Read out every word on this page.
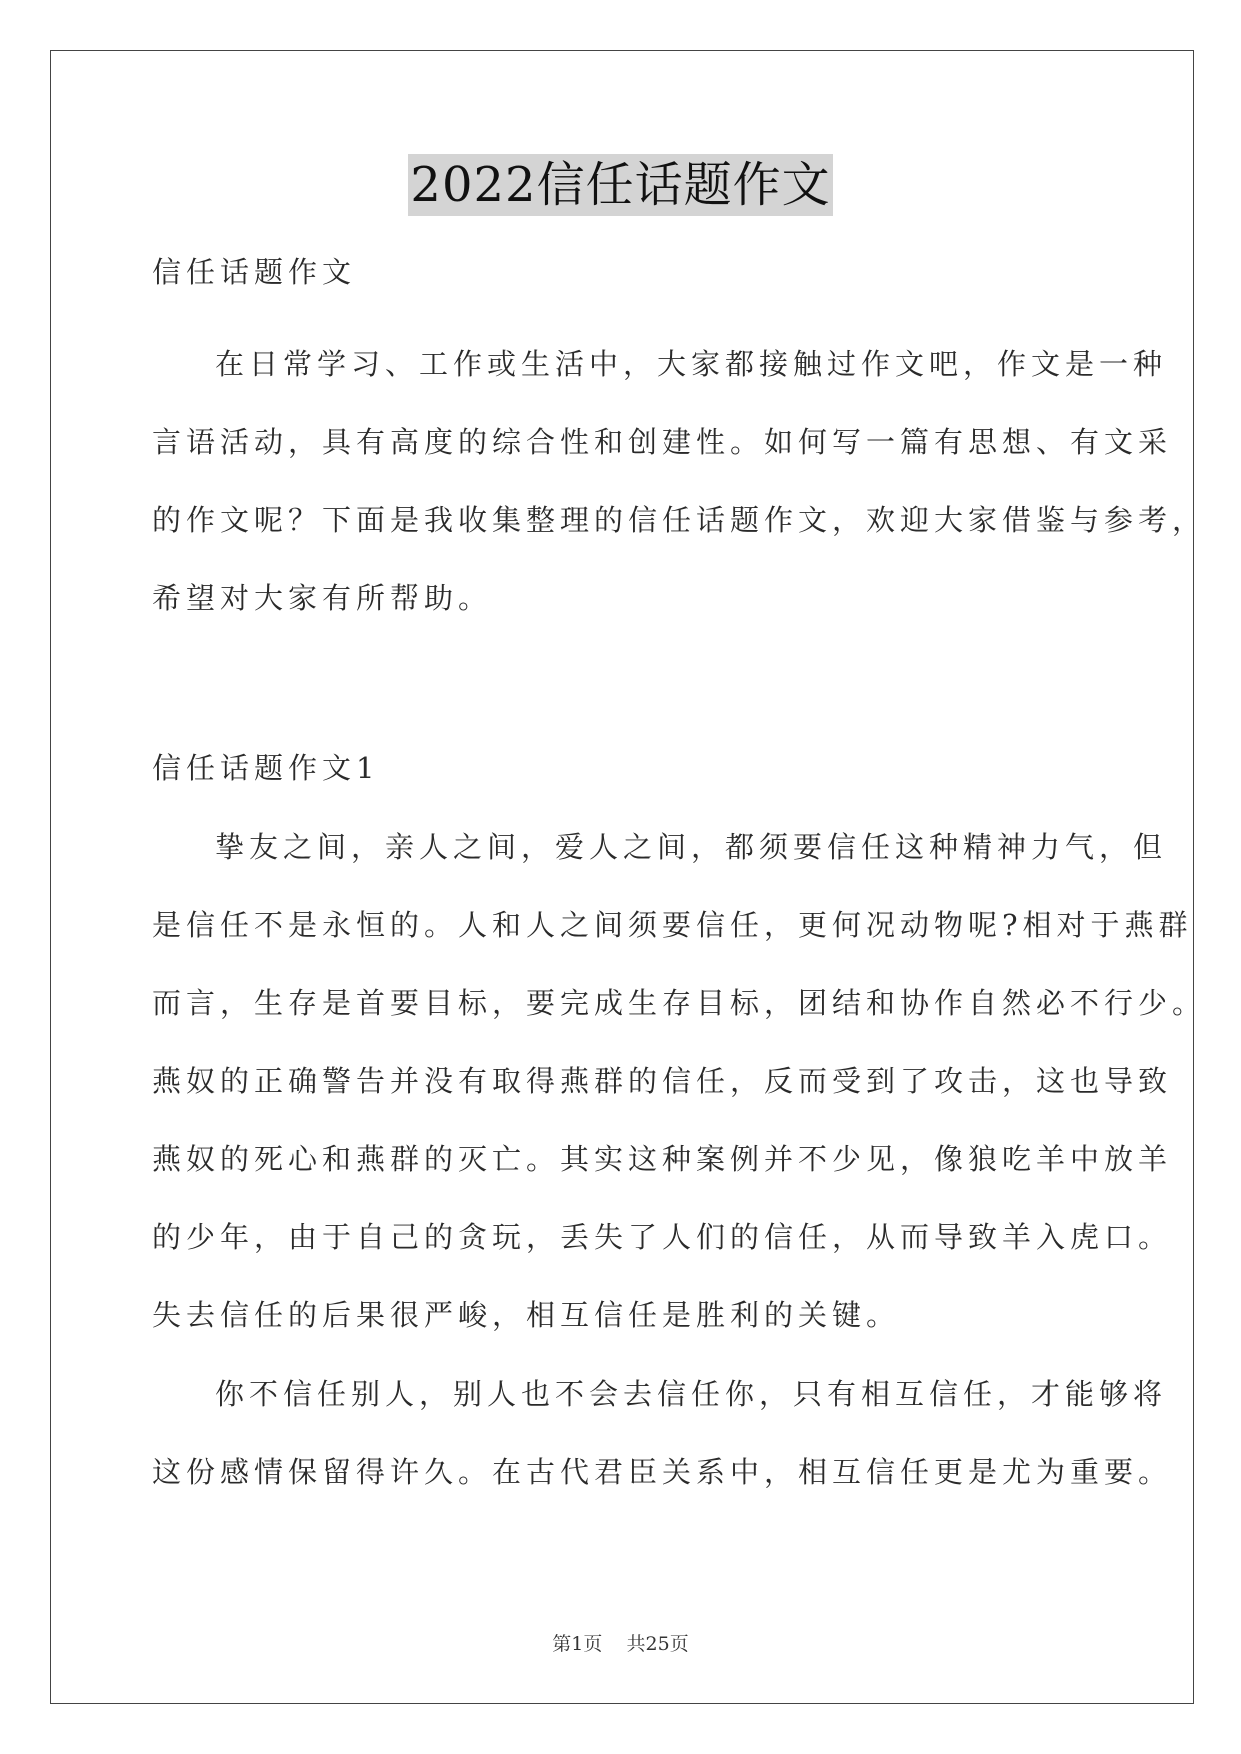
2022信任话题作文
信任话题作文
在日常学习、工作或生活中，大家都接触过作文吧，作文是一种
言语活动，具有高度的综合性和创建性。如何写一篇有思想、有文采
的作文呢？下面是我收集整理的信任话题作文，欢迎大家借鉴与参考，
希望对大家有所帮助。
信任话题作文1
挚友之间，亲人之间，爱人之间，都须要信任这种精神力气，但
是信任不是永恒的。人和人之间须要信任，更何况动物呢?相对于燕群
而言，生存是首要目标，要完成生存目标，团结和协作自然必不行少。
燕奴的正确警告并没有取得燕群的信任，反而受到了攻击，这也导致
燕奴的死心和燕群的灭亡。其实这种案例并不少见，像狼吃羊中放羊
的少年，由于自己的贪玩，丢失了人们的信任，从而导致羊入虎口。
失去信任的后果很严峻，相互信任是胜利的关键。
你不信任别人，别人也不会去信任你，只有相互信任，才能够将
这份感情保留得许久。在古代君臣关系中，相互信任更是尤为重要。
第1页 共25页
